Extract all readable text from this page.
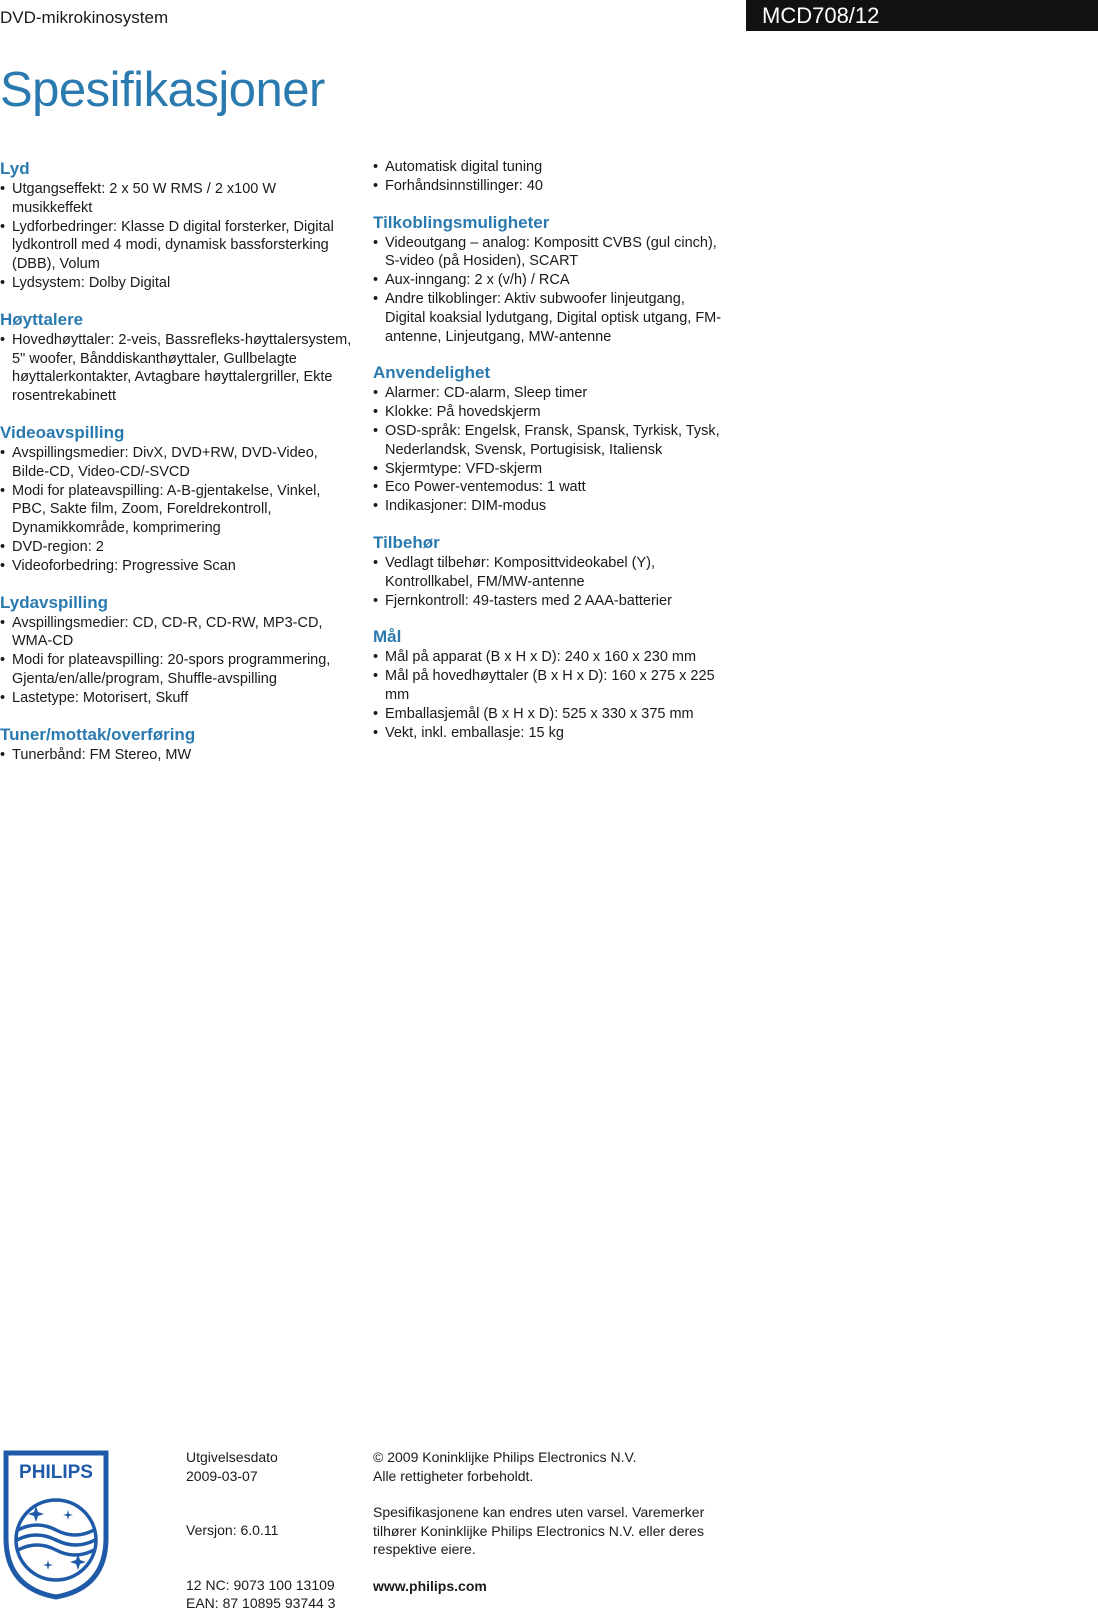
DVD-mikrokinosystem	MCD708/12
Spesifikasjoner
Lyd
• Utgangseffekt: 2 x 50 W RMS / 2 x100 W musikkeffekt
• Lydforbedringer: Klasse D digital forsterker, Digital lydkontroll med 4 modi, dynamisk bassforsterking (DBB), Volum
• Lydsystem: Dolby Digital
Høyttalere
• Hovedhøyttaler: 2-veis, Bassrefleks-høyttalersystem, 5" woofer, Bånddiskanthøyttaler, Gullbelagte høyttalerkontakter, Avtagbare høyttalergriller, Ekte rosentrekabinett
Videoavspilling
• Avspillingsmedier: DivX, DVD+RW, DVD-Video, Bilde-CD, Video-CD/-SVCD
• Modi for plateavspilling: A-B-gjentakelse, Vinkel, PBC, Sakte film, Zoom, Foreldrekontroll, Dynamikkområde, komprimering
• DVD-region: 2
• Videoforbedring: Progressive Scan
Lydavspilling
• Avspillingsmedier: CD, CD-R, CD-RW, MP3-CD, WMA-CD
• Modi for plateavspilling: 20-spors programmering, Gjenta/en/alle/program, Shuffle-avspilling
• Lastetype: Motorisert, Skuff
Tuner/mottak/overføring
• Tunerbånd: FM Stereo, MW
• Automatisk digital tuning
• Forhåndsinnstillinger: 40
Tilkoblingsmuligheter
• Videoutgang – analog: Kompositt CVBS (gul cinch), S-video (på Hosiden), SCART
• Aux-inngang: 2 x (v/h) / RCA
• Andre tilkoblinger: Aktiv subwoofer linjeutgang, Digital koaksial lydutgang, Digital optisk utgang, FM-antenne, Linjeutgang, MW-antenne
Anvendelighet
• Alarmer: CD-alarm, Sleep timer
• Klokke: På hovedskjerm
• OSD-språk: Engelsk, Fransk, Spansk, Tyrkisk, Tysk, Nederlandsk, Svensk, Portugisisk, Italiensk
• Skjermtype: VFD-skjerm
• Eco Power-ventemodus: 1 watt
• Indikasjoner: DIM-modus
Tilbehør
• Vedlagt tilbehør: Komposittvideokabel (Y), Kontrollkabel, FM/MW-antenne
• Fjernkontroll: 49-tasters med 2 AAA-batterier
Mål
• Mål på apparat (B x H x D): 240 x 160 x 230 mm
• Mål på hovedhøyttaler (B x H x D): 160 x 275 x 225 mm
• Emballasjemål (B x H x D): 525 x 330 x 375 mm
• Vekt, inkl. emballasje: 15 kg
PHILIPS

Utgivelsesdato

2009-03-07

Versjon: 6.0.11

12 NC: 9073 100 13109

EAN: 87 10895 93744 3

© 2009 Koninklijke Philips Electronics N.V.

Alle rettigheter forbeholdt.

Spesifikasjonene kan endres uten varsel. Varemerker tilhører Koninklijke Philips Electronics N.V. eller deres respektive eiere.

www.philips.com
